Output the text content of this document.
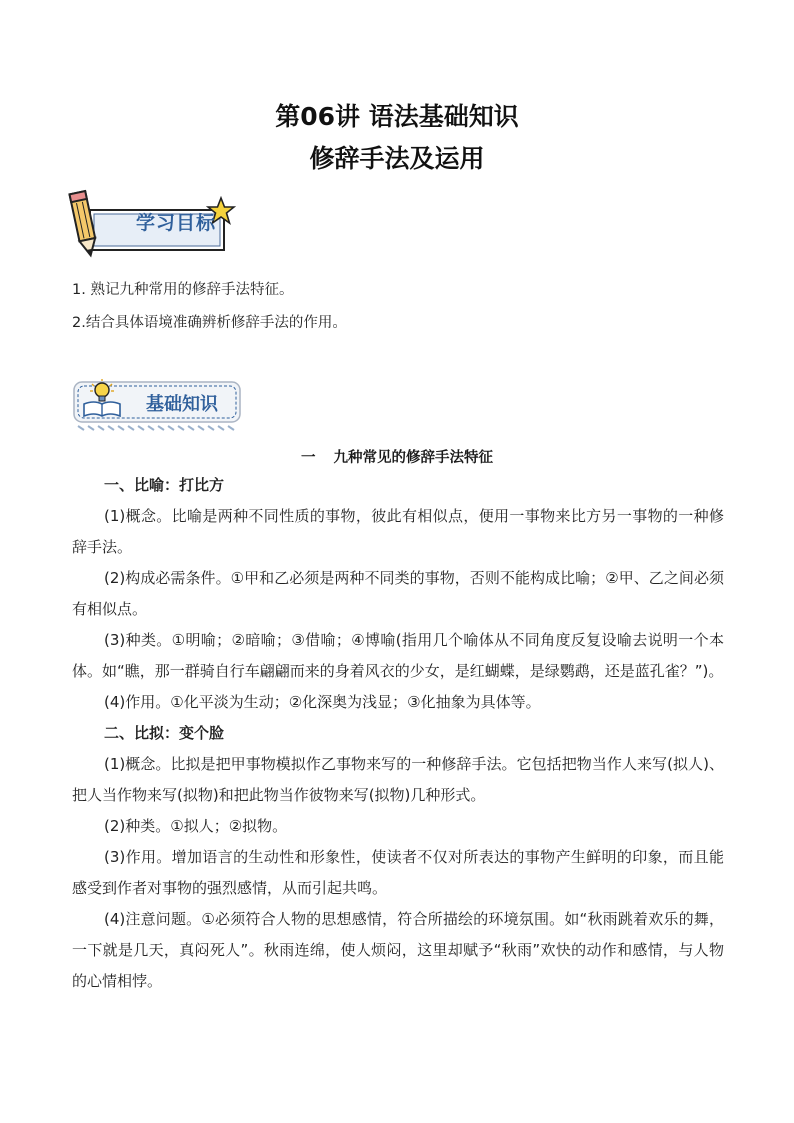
第06讲 语法基础知识
修辞手法及运用
学习目标
1. 熟记九种常用的修辞手法特征。
2.结合具体语境准确辨析修辞手法的作用。
基础知识
一 九种常见的修辞手法特征

一、比喻：打比方

(1)概念。比喻是两种不同性质的事物，彼此有相似点，便用一事物来比方另一事物的一种修辞手法。

(2)构成必需条件。①甲和乙必须是两种不同类的事物，否则不能构成比喻；②甲、乙之间必须有相似点。

(3)种类。①明喻；②暗喻；③借喻；④博喻(指用几个喻体从不同角度反复设喻去说明一个本体。如“瞧，那一群骑自行车翩翩而来的身着风衣的少女，是红蝴蝶，是绿鹦鹉，还是蓝孔雀？”)。

(4)作用。①化平淡为生动；②化深奥为浅显；③化抽象为具体等。

二、比拟：变个脸

(1)概念。比拟是把甲事物模拟作乙事物来写的一种修辞手法。它包括把物当作人来写(拟人)、把人当作物来写(拟物)和把此物当作彼物来写(拟物)几种形式。

(2)种类。①拟人；②拟物。

(3)作用。增加语言的生动性和形象性，使读者不仅对所表达的事物产生鲜明的印象，而且能感受到作者对事物的强烈感情，从而引起共鸣。

(4)注意问题。①必须符合人物的思想感情，符合所描绘的环境氛围。如“秋雨跳着欢乐的舞，一下就是几天，真闷死人”。秋雨连绵，使人烦闷，这里却赋予“秋雨”欢快的动作和感情，与人物的心情相悖。
